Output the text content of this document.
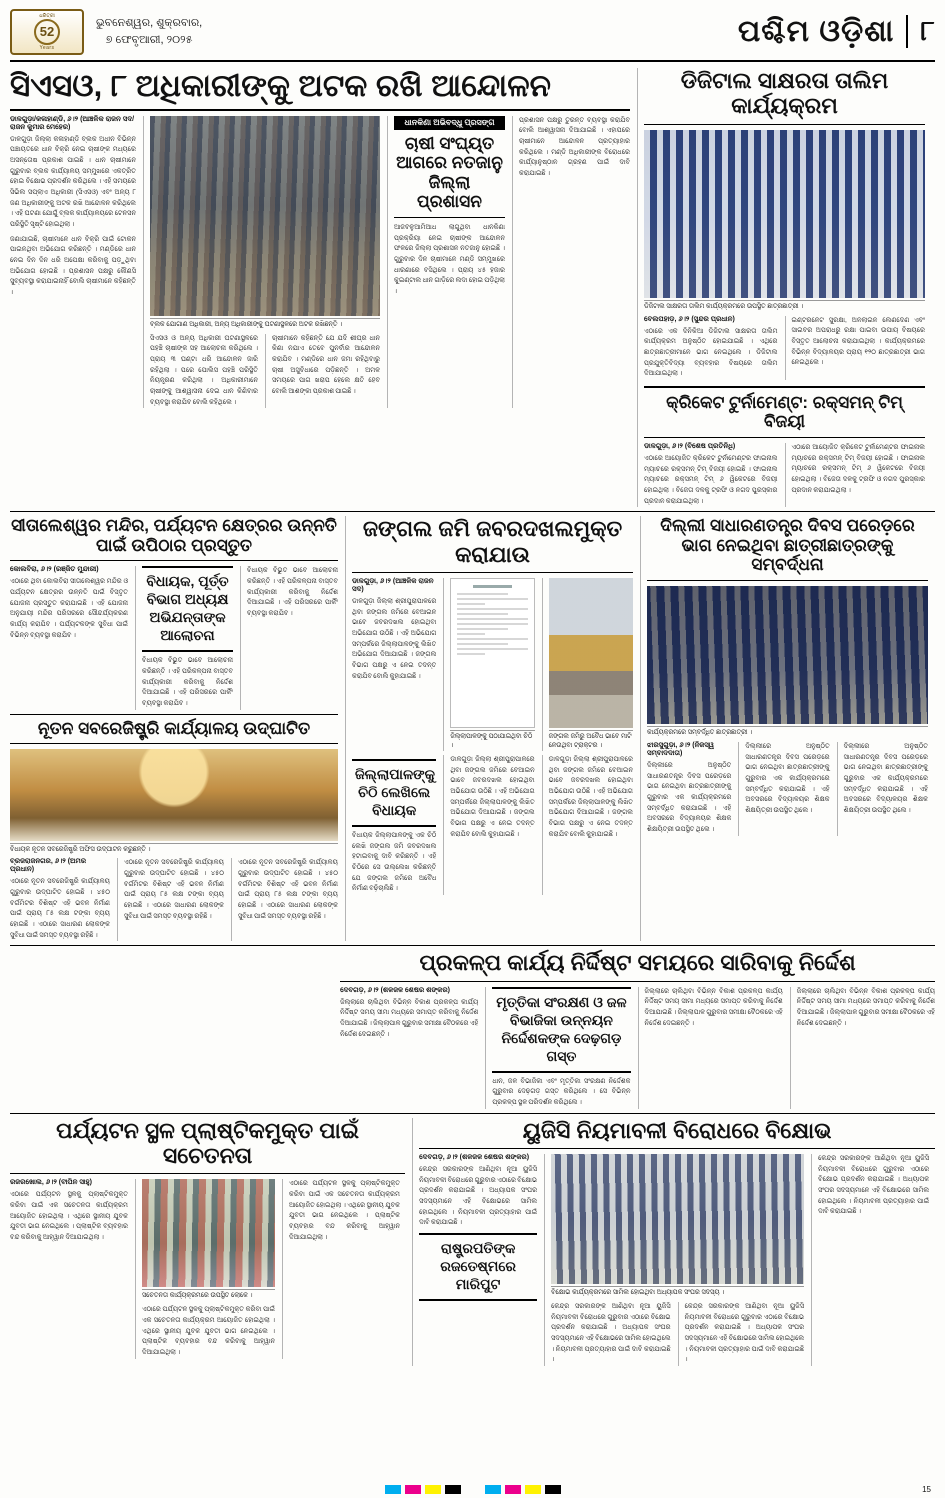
ଧରିତ୍ରୀ
52
Years
ଭୁବନେଶ୍ୱର, ଶୁକ୍ରବାର,
୭ ଫେବୃଆରୀ, ୨୦୨୫	ପଶ୍ଚିମ ଓଡ଼ିଶା ୮
ସିଏସଓ, ୮ ଅଧିକାରୀଙ୍କୁ ଅଟକ ରଖି ଆନ୍ଦୋଳନ
ଡାଳଗୁଡ଼ା/କଳାହାଣ୍ଡି, ୬।୨ (ଆଞ୍ଚଳିକ ରାଜନ ସଦ/ରାଜନ କୁମାର ମେହେର)
ଡାଳଗୁଡ଼ା ଜିଲ୍ଲା କଳାହାଣ୍ଡି ବ୍ଲକ ଅଧୀନ ବିଭିନ୍ନ ପଞ୍ଚାୟତରେ ଧାନ ବିକ୍ରି ନେଇ ଚାଷୀଙ୍କ ମଧ୍ୟରେ ଅସନ୍ତୋଷ ପ୍ରକାଶ ପାଇଛି । ଧାନ ଚାଷୀମାନେ ଗୁରୁବାର ବ୍ଲକ କାର୍ଯ୍ୟାଳୟ ସମ୍ମୁଖରେ ଏକତ୍ରିତ ହୋଇ ବିକ୍ଷୋଭ ପ୍ରଦର୍ଶନ କରିଥିଲେ । ଏହି ସମୟରେ ସିଭିଲ ସପ୍ଲାଏ ଅଧିକାରୀ (ସିଏସଓ) ଏବଂ ଅନ୍ୟ ୮ ଜଣ ଅଧିକାରୀଙ୍କୁ ଅଟକ ରଖି ଆନ୍ଦୋଳନ କରିଥିଲେ । ଏହି ଘଟଣା ଯୋଗୁଁ ବ୍ଲକ କାର୍ଯ୍ୟାଳୟରେ ଟେନସନ ପରିସ୍ଥିତି ସୃଷ୍ଟି ହୋଇଥିଲା ।
ଜଣାଯାଇଛି, ଚାଷୀମାନେ ଧାନ ବିକ୍ରି ପାଇଁ ଟୋକନ ପାଇନଥିବା ଅଭିଯୋଗ କରିଛନ୍ତି । ମଣ୍ଡିରେ ଧାନ ନେଇ ଦିନ ଦିନ ଧରି ଅପେକ୍ଷା କରିବାକୁ ପଡ଼ୁଥିବା ଅଭିଯୋଗ ହୋଇଛି । ପ୍ରଶାସନ ପକ୍ଷରୁ କୌଣସି ସୁବ୍ୟବସ୍ଥା କରାଯାଇନାହିଁ ବୋଲି ଚାଷୀମାନେ କହିଛନ୍ତି ।
ବ୍ଲକ ଯୋଗାଣ ଅଧିକାରୀ, ଅନ୍ୟ ଅଧିକାରୀଙ୍କୁ ଘଟଣାସ୍ଥଳରେ ଅଟକ ରଖିଛନ୍ତି ।
ସିଏସଓ ଓ ଅନ୍ୟ ଅଧିକାରୀ ଘଟଣାସ୍ଥଳରେ ପହଞ୍ଚି ଚାଷୀଙ୍କ ସହ ଆଲୋଚନା କରିଥିଲେ । ପ୍ରାୟ ୩ ଘଣ୍ଟା ଧରି ଆନ୍ଦୋଳନ ଜାରି ରହିଥିଲା । ପରେ ପୋଲିସ ପହଞ୍ଚି ପରିସ୍ଥିତି ନିୟନ୍ତ୍ରଣ କରିଥିଲା । ଅଧିକାରୀମାନେ ଚାଷୀଙ୍କୁ ଆଶ୍ୱାସନା ଦେଇ ଧାନ କିଣିବାର ବ୍ୟବସ୍ଥା କରାଯିବ ବୋଲି କହିଥିଲେ ।
ଚାଷୀମାନେ କହିଛନ୍ତି ଯେ ଯଦି ଶୀଘ୍ର ଧାନ କିଣା ନଯାଏ ତେବେ ପୁନର୍ବାର ଆନ୍ଦୋଳନ କରାଯିବ । ମଣ୍ଡିରେ ଧାନ ଜମା ରହିଥିବାରୁ ଚାଷୀ ଅସୁବିଧାରେ ପଡ଼ିଛନ୍ତି । ଅମଳ ସମୟରେ ପାଗ ଖରାପ ହେଲେ କ୍ଷତି ହେବ ବୋଲି ଆଶଙ୍କା ପ୍ରକାଶ ପାଇଛି ।
ଧାନକିଣା ଅଭିବଦ୍ଧୁ ପ୍ରସଙ୍ଗ
ଚାଷୀ ସଂଘ୍ୟ୍ତ ଆଗରେ ନତଜାନୁ ଜିଲ୍ଲା ପ୍ରଶାସନ
ଆଜବଳୁଆମିଆଧ ଲାଗୁଥିବା ଧାନକିଣା ପ୍ରକ୍ରିୟା ନେଇ ଚାଷୀଙ୍କ ଆନ୍ଦୋଳନ ଫଳରେ ଜିଲ୍ଲା ପ୍ରଶାସନ ନତଜାନୁ ହୋଇଛି । ଗୁରୁବାର ଦିନ ଚାଷୀମାନେ ମଣ୍ଡି ସମ୍ମୁଖରେ ଧାରଣାରେ ବସିଥିଲେ । ପ୍ରାୟ ୪୫ ହଜାର କୁଇଣ୍ଟାଲ ଧାନ ଗାଡ଼ିରେ ଲଦା ହୋଇ ପଡ଼ିଥିଲା ।
ପ୍ରଶାସନ ପକ୍ଷରୁ ତୁରନ୍ତ ବ୍ୟବସ୍ଥା କରାଯିବ ବୋଲି ଆଶ୍ୱାସନା ଦିଆଯାଇଛି । ଏହାପରେ ଚାଷୀମାନେ ଆନ୍ଦୋଳନ ପ୍ରତ୍ୟାହାର କରିଥିଲେ । ମଣ୍ଡି ଅଧିକାରୀଙ୍କ ବିରୋଧରେ କାର୍ଯ୍ୟାନୁଷ୍ଠାନ ଗ୍ରହଣ ପାଇଁ ଦାବି କରାଯାଇଛି ।
ଡିଜିଟାଲ ସାକ୍ଷରତା ତାଲିମ କାର୍ଯ୍ୟକ୍ରମ
ଡିଜିଟାଲ ସାକ୍ଷରତା ତାଲିମ କାର୍ଯ୍ୟକ୍ରମରେ ଉପସ୍ଥିତ ଛାତ୍ରଛାତ୍ରୀ ।
ବେଲପହାଡ଼, ୬।୨ (ସୁନ୍ଦର ପ୍ରଧାନ)
ଏଠାରେ ଏକ ଦିନିକିଆ ଡିଜିଟାଲ ସାକ୍ଷରତା ତାଲିମ କାର୍ଯ୍ୟକ୍ରମ ଅନୁଷ୍ଠିତ ହୋଇଯାଇଛି । ଏଥିରେ ଛାତ୍ରଛାତ୍ରୀମାନେ ଭାଗ ନେଇଥିଲେ । ଡିଜିଟାଲ ପ୍ରଯୁକ୍ତିବିଦ୍ୟା ବ୍ୟବହାର ବିଷୟରେ ତାଲିମ ଦିଆଯାଇଥିଲା ।
ଇଣ୍ଟରନେଟ ସୁରକ୍ଷା, ଅନଲାଇନ ଲେଣଦେଣ ଏବଂ ସାଇବର ଅପରାଧରୁ ରକ୍ଷା ପାଇବା ଉପାୟ ବିଷୟରେ ବିସ୍ତୃତ ଆଲୋଚନା କରାଯାଇଥିଲା । କାର୍ଯ୍ୟକ୍ରମରେ ବିଭିନ୍ନ ବିଦ୍ୟାଳୟର ପ୍ରାୟ ୧୨୦ ଛାତ୍ରଛାତ୍ରୀ ଭାଗ ନେଇଥିଲେ ।
କ୍ରିକେଟ ଟୁର୍ନାମେଣ୍ଟ: ରକ୍ସମନ୍ ଟିମ୍ ବିଜୟୀ
ଡାଳଗୁଡ଼ା, ୬।୨ (ବିଶେଷ ପ୍ରତିନିଧି)
ଏଠାରେ ଆୟୋଜିତ କ୍ରିକେଟ ଟୁର୍ନାମେଣ୍ଟର ଫାଇନାଲ ମ୍ୟାଚରେ ରକ୍ସମନ୍ ଟିମ୍ ବିଜୟୀ ହୋଇଛି । ଫାଇନାଲ ମ୍ୟାଚରେ ରକ୍ସମନ୍ ଟିମ୍ ୬ ୱିକେଟରେ ବିଜୟୀ ହୋଇଥିଲା । ବିଜେତା ଦଳକୁ ଟ୍ରଫି ଓ ନଗଦ ପୁରସ୍କାର ପ୍ରଦାନ କରାଯାଇଥିଲା ।
ଏଠାରେ ଆୟୋଜିତ କ୍ରିକେଟ ଟୁର୍ନାମେଣ୍ଟର ଫାଇନାଲ ମ୍ୟାଚରେ ରକ୍ସମନ୍ ଟିମ୍ ବିଜୟୀ ହୋଇଛି । ଫାଇନାଲ ମ୍ୟାଚରେ ରକ୍ସମନ୍ ଟିମ୍ ୬ ୱିକେଟରେ ବିଜୟୀ ହୋଇଥିଲା । ବିଜେତା ଦଳକୁ ଟ୍ରଫି ଓ ନଗଦ ପୁରସ୍କାର ପ୍ରଦାନ କରାଯାଇଥିଲା ।
ସୀତାଲେଶ୍ୱର ମନ୍ଦିର, ପର୍ଯ୍ୟଟନ କ୍ଷେତ୍ରର ଉନ୍ନତି ପାଇଁ ଉପିଠାର ପ୍ରସ୍ତୁତ
କୋଲବିରା, ୬।୨ (ରଞ୍ଜିତ ମୁନ୍ଦାରୀ)
ଏଠାରେ ଥିବା କୋଲବିରା ସୀତାଲେଶ୍ୱର ମନ୍ଦିର ଓ ପର୍ଯ୍ୟଟନ କ୍ଷେତ୍ରର ଉନ୍ନତି ପାଇଁ ବିସ୍ତୃତ ଯୋଜନା ପ୍ରସ୍ତୁତ କରାଯାଇଛି । ଏହି ଯୋଜନା ଅନୁଯାୟୀ ମନ୍ଦିର ପରିସରରେ ସୌନ୍ଦର୍ଯ୍ୟକରଣ କାର୍ଯ୍ୟ କରାଯିବ । ପର୍ଯ୍ୟଟକଙ୍କ ସୁବିଧା ପାଇଁ ବିଭିନ୍ନ ବ୍ୟବସ୍ଥା କରାଯିବ ।
ବିଧାୟକ, ପୂର୍ତ୍ତ ବିଭାଗ ଅଧ୍ୟକ୍ଷ ଅଭିଯନ୍ତାଙ୍କ ଆଲୋଚନା
ବିଧାୟକ ବିଭୁତ ଭାବେ ଆଲୋଚନା କରିଛନ୍ତି । ଏହି ପରିକଳ୍ପନା ବାସ୍ତବ କାର୍ଯ୍ୟକାରୀ କରିବାକୁ ନିର୍ଦ୍ଦେଶ ଦିଆଯାଇଛି । ଏହି ପରିସରରେ ପାର୍କିଂ ବ୍ୟବସ୍ଥା କରାଯିବ ।
ବିଧାୟକ ବିଭୁତ ଭାବେ ଆଲୋଚନା କରିଛନ୍ତି । ଏହି ପରିକଳ୍ପନା ବାସ୍ତବ କାର୍ଯ୍ୟକାରୀ କରିବାକୁ ନିର୍ଦ୍ଦେଶ ଦିଆଯାଇଛି । ଏହି ପରିସରରେ ପାର୍କିଂ ବ୍ୟବସ୍ଥା କରାଯିବ ।
ନୂତନ ସବରେଜିଷ୍ଟ୍ରି କାର୍ଯ୍ୟାଳୟ ଉଦ୍‌ଘାଟିତ
ବିଧାୟକ ନୂତନ ସବରେଜିଷ୍ଟ୍ରି ଅଫିସ ଉଦ୍‌ଘାଟନ କରୁଛନ୍ତି ।
ବ୍ରଜରାଜନଗର, ୬।୨ (ଅମର ପ୍ରଧାନ)
ଏଠାରେ ନୂତନ ସବରେଜିଷ୍ଟ୍ରି କାର୍ଯ୍ୟାଳୟ ଗୁରୁବାର ଉଦ୍‌ଘାଟିତ ହୋଇଛି । ୪୫୦ ବର୍ଗମିଟର ବିଶିଷ୍ଟ ଏହି ଭବନ ନିର୍ମାଣ ପାଇଁ ପ୍ରାୟ ୮୫ ଲକ୍ଷ ଟଙ୍କା ବ୍ୟୟ ହୋଇଛି । ଏଠାରେ ସାଧାରଣ ଲୋକଙ୍କ ସୁବିଧା ପାଇଁ ସମସ୍ତ ବ୍ୟବସ୍ଥା ରହିଛି ।
ଏଠାରେ ନୂତନ ସବରେଜିଷ୍ଟ୍ରି କାର୍ଯ୍ୟାଳୟ ଗୁରୁବାର ଉଦ୍‌ଘାଟିତ ହୋଇଛି । ୪୫୦ ବର୍ଗମିଟର ବିଶିଷ୍ଟ ଏହି ଭବନ ନିର୍ମାଣ ପାଇଁ ପ୍ରାୟ ୮୫ ଲକ୍ଷ ଟଙ୍କା ବ୍ୟୟ ହୋଇଛି । ଏଠାରେ ସାଧାରଣ ଲୋକଙ୍କ ସୁବିଧା ପାଇଁ ସମସ୍ତ ବ୍ୟବସ୍ଥା ରହିଛି ।
ଏଠାରେ ନୂତନ ସବରେଜିଷ୍ଟ୍ରି କାର୍ଯ୍ୟାଳୟ ଗୁରୁବାର ଉଦ୍‌ଘାଟିତ ହୋଇଛି । ୪୫୦ ବର୍ଗମିଟର ବିଶିଷ୍ଟ ଏହି ଭବନ ନିର୍ମାଣ ପାଇଁ ପ୍ରାୟ ୮୫ ଲକ୍ଷ ଟଙ୍କା ବ୍ୟୟ ହୋଇଛି । ଏଠାରେ ସାଧାରଣ ଲୋକଙ୍କ ସୁବିଧା ପାଇଁ ସମସ୍ତ ବ୍ୟବସ୍ଥା ରହିଛି ।
ଜଙ୍ଗଲ ଜମି ଜବରଦଖଲମୁକ୍ତ କରାଯାଉ
ଡାଳଗୁଡ଼ା, ୬।୨ (ଆଞ୍ଚଳିକ ରାଜନ ସଦ)
ଡାଳଗୁଡ଼ା ଜିଲ୍ଲା ଶ୍ରୀପୁରାପାଳରେ ଥିବା ଜଙ୍ଗଲ ଜମିରେ ବେଆଇନ ଭାବେ ଜବରଦଖଲ ହୋଇଥିବା ଅଭିଯୋଗ ଉଠିଛି । ଏହି ଅଭିଯୋଗ ସମ୍ପର୍କରେ ଜିଲ୍ଲାପାଳଙ୍କୁ ଲିଖିତ ଅଭିଯୋଗ ଦିଆଯାଇଛି । ଜଙ୍ଗଲ ବିଭାଗ ପକ୍ଷରୁ ଏ ନେଇ ତଦନ୍ତ କରାଯିବ ବୋଲି କୁହାଯାଇଛି ।
ଜିଲ୍ଲାପାଳଙ୍କୁ ପଠାଯାଇଥିବା ଚିଠି ।
ଜଙ୍ଗଲ ଜମିରୁ ଅବୈଧ ଭାବେ ମାଟି ନେଉଥିବା ଟ୍ରାକ୍ଟର ।
ଜିଲ୍ଲାପାଳଙ୍କୁ ଚିଠି ଲେଖିଲେ ବିଧାୟକ
ବିଧାୟକ ଜିଲ୍ଲାପାଳଙ୍କୁ ଏକ ଚିଠି ଲେଖି ଜଙ୍ଗଲ ଜମି ଜବରଦଖଲ ହଟାଇବାକୁ ଦାବି କରିଛନ୍ତି । ଏହି ଚିଠିରେ ସେ ଉଲ୍ଲେଖ କରିଛନ୍ତି ଯେ ଜଙ୍ଗଲ ଜମିରେ ଅବୈଧ ନିର୍ମାଣ ବଢ଼ିଚାଲିଛି ।
ଡାଳଗୁଡ଼ା ଜିଲ୍ଲା ଶ୍ରୀପୁରାପାଳରେ ଥିବା ଜଙ୍ଗଲ ଜମିରେ ବେଆଇନ ଭାବେ ଜବରଦଖଲ ହୋଇଥିବା ଅଭିଯୋଗ ଉଠିଛି । ଏହି ଅଭିଯୋଗ ସମ୍ପର୍କରେ ଜିଲ୍ଲାପାଳଙ୍କୁ ଲିଖିତ ଅଭିଯୋଗ ଦିଆଯାଇଛି । ଜଙ୍ଗଲ ବିଭାଗ ପକ୍ଷରୁ ଏ ନେଇ ତଦନ୍ତ କରାଯିବ ବୋଲି କୁହାଯାଇଛି ।
ଡାଳଗୁଡ଼ା ଜିଲ୍ଲା ଶ୍ରୀପୁରାପାଳରେ ଥିବା ଜଙ୍ଗଲ ଜମିରେ ବେଆଇନ ଭାବେ ଜବରଦଖଲ ହୋଇଥିବା ଅଭିଯୋଗ ଉଠିଛି । ଏହି ଅଭିଯୋଗ ସମ୍ପର୍କରେ ଜିଲ୍ଲାପାଳଙ୍କୁ ଲିଖିତ ଅଭିଯୋଗ ଦିଆଯାଇଛି । ଜଙ୍ଗଲ ବିଭାଗ ପକ୍ଷରୁ ଏ ନେଇ ତଦନ୍ତ କରାଯିବ ବୋଲି କୁହାଯାଇଛି ।
ଦିଲ୍ଲୀ ସାଧାରଣତନ୍ତ୍ର ଦିବସ ପରେଡ଼ରେ ଭାଗ ନେଇଥିବା ଛାତ୍ରୀଛାତ୍ରଙ୍କୁ ସମ୍ବର୍ଦ୍ଧନା
କାର୍ଯ୍ୟକ୍ରମରେ ସମ୍ବର୍ଦ୍ଧିତ ଛାତ୍ରଛାତ୍ରୀ ।
ଝାରସୁଗୁଡ଼ା, ୬।୨ (ନିଜସ୍ୱ ସମ୍ବାଦଦାତା)
ଦିଲ୍ଲୀରେ ଅନୁଷ୍ଠିତ ସାଧାରଣତନ୍ତ୍ର ଦିବସ ପରେଡ଼ରେ ଭାଗ ନେଇଥିବା ଛାତ୍ରଛାତ୍ରୀଙ୍କୁ ଗୁରୁବାର ଏକ କାର୍ଯ୍ୟକ୍ରମରେ ସମ୍ବର୍ଦ୍ଧିତ କରାଯାଇଛି । ଏହି ଅବସରରେ ବିଦ୍ୟାଳୟର ଶିକ୍ଷକ ଶିକ୍ଷୟିତ୍ରୀ ଉପସ୍ଥିତ ଥିଲେ ।
ଦିଲ୍ଲୀରେ ଅନୁଷ୍ଠିତ ସାଧାରଣତନ୍ତ୍ର ଦିବସ ପରେଡ଼ରେ ଭାଗ ନେଇଥିବା ଛାତ୍ରଛାତ୍ରୀଙ୍କୁ ଗୁରୁବାର ଏକ କାର୍ଯ୍ୟକ୍ରମରେ ସମ୍ବର୍ଦ୍ଧିତ କରାଯାଇଛି । ଏହି ଅବସରରେ ବିଦ୍ୟାଳୟର ଶିକ୍ଷକ ଶିକ୍ଷୟିତ୍ରୀ ଉପସ୍ଥିତ ଥିଲେ ।
ଦିଲ୍ଲୀରେ ଅନୁଷ୍ଠିତ ସାଧାରଣତନ୍ତ୍ର ଦିବସ ପରେଡ଼ରେ ଭାଗ ନେଇଥିବା ଛାତ୍ରଛାତ୍ରୀଙ୍କୁ ଗୁରୁବାର ଏକ କାର୍ଯ୍ୟକ୍ରମରେ ସମ୍ବର୍ଦ୍ଧିତ କରାଯାଇଛି । ଏହି ଅବସରରେ ବିଦ୍ୟାଳୟର ଶିକ୍ଷକ ଶିକ୍ଷୟିତ୍ରୀ ଉପସ୍ଥିତ ଥିଲେ ।
ପ୍ରକଳ୍ପ କାର୍ଯ୍ୟ ନିର୍ଦ୍ଦିଷ୍ଟ ସମୟରେ ସାରିବାକୁ ନିର୍ଦ୍ଦେଶ
ଦେବଗଡ଼, ୬।୨ (ଶଳଜଳ ଶେଷର ଶଙ୍କର)
ଜିଲ୍ଲାରେ ଚାଲିଥିବା ବିଭିନ୍ନ ବିକାଶ ପ୍ରକଳ୍ପ କାର୍ଯ୍ୟ ନିର୍ଦ୍ଦିଷ୍ଟ ସମୟ ସୀମା ମଧ୍ୟରେ ସମାପ୍ତ କରିବାକୁ ନିର୍ଦ୍ଦେଶ ଦିଆଯାଇଛି । ଜିଲ୍ଲାପାଳ ଗୁରୁବାର ସମୀକ୍ଷା ବୈଠକରେ ଏହି ନିର୍ଦ୍ଦେଶ ଦେଇଛନ୍ତି ।
ମୃତ୍ତିକା ସଂରକ୍ଷଣ ଓ ଜଳ ବିଭାଜିକା ଉନ୍ନୟନ ନିର୍ଦ୍ଦେଶକଙ୍କ ଦେଢ଼ଗଡ଼ ଗସ୍ତ
ଧାନ, ଜଳ ବିଭାଜିକା ଏବଂ ମୃତ୍ତିକା ସଂରକ୍ଷଣ ନିର୍ଦ୍ଦେଶକ ଗୁରୁବାର ଦେଢ଼ଗଡ଼ ଗସ୍ତ କରିଥିଲେ । ସେ ବିଭିନ୍ନ ପ୍ରକଳ୍ପ ସ୍ଥଳ ପରିଦର୍ଶନ କରିଥିଲେ ।
ଜିଲ୍ଲାରେ ଚାଲିଥିବା ବିଭିନ୍ନ ବିକାଶ ପ୍ରକଳ୍ପ କାର୍ଯ୍ୟ ନିର୍ଦ୍ଦିଷ୍ଟ ସମୟ ସୀମା ମଧ୍ୟରେ ସମାପ୍ତ କରିବାକୁ ନିର୍ଦ୍ଦେଶ ଦିଆଯାଇଛି । ଜିଲ୍ଲାପାଳ ଗୁରୁବାର ସମୀକ୍ଷା ବୈଠକରେ ଏହି ନିର୍ଦ୍ଦେଶ ଦେଇଛନ୍ତି ।
ଜିଲ୍ଲାରେ ଚାଲିଥିବା ବିଭିନ୍ନ ବିକାଶ ପ୍ରକଳ୍ପ କାର୍ଯ୍ୟ ନିର୍ଦ୍ଦିଷ୍ଟ ସମୟ ସୀମା ମଧ୍ୟରେ ସମାପ୍ତ କରିବାକୁ ନିର୍ଦ୍ଦେଶ ଦିଆଯାଇଛି । ଜିଲ୍ଲାପାଳ ଗୁରୁବାର ସମୀକ୍ଷା ବୈଠକରେ ଏହି ନିର୍ଦ୍ଦେଶ ଦେଇଛନ୍ତି ।
ପର୍ଯ୍ୟଟନ ସ୍ଥଳ ପ୍ଲାଷ୍ଟିକମୁକ୍ତ ପାଇଁ ସଚେତନତା
ରଜରଖୋଲ, ୬।୨ (ବୀପିନ ସାହୁ)
ଏଠାରେ ପର୍ଯ୍ୟଟନ ସ୍ଥଳକୁ ପ୍ଲାଷ୍ଟିକମୁକ୍ତ କରିବା ପାଇଁ ଏକ ସଚେତନତା କାର୍ଯ୍ୟକ୍ରମ ଆୟୋଜିତ ହୋଇଥିଲା । ଏଥିରେ ସ୍ଥାନୀୟ ଯୁବକ ଯୁବତୀ ଭାଗ ନେଇଥିଲେ । ପ୍ଲାଷ୍ଟିକ ବ୍ୟବହାର ବନ୍ଦ କରିବାକୁ ଆହ୍ୱାନ ଦିଆଯାଇଥିଲା ।
ସଚେତନତା କାର୍ଯ୍ୟକ୍ରମରେ ଉପସ୍ଥିତ ଲୋକେ ।
ଏଠାରେ ପର୍ଯ୍ୟଟନ ସ୍ଥଳକୁ ପ୍ଲାଷ୍ଟିକମୁକ୍ତ କରିବା ପାଇଁ ଏକ ସଚେତନତା କାର୍ଯ୍ୟକ୍ରମ ଆୟୋଜିତ ହୋଇଥିଲା । ଏଥିରେ ସ୍ଥାନୀୟ ଯୁବକ ଯୁବତୀ ଭାଗ ନେଇଥିଲେ । ପ୍ଲାଷ୍ଟିକ ବ୍ୟବହାର ବନ୍ଦ କରିବାକୁ ଆହ୍ୱାନ ଦିଆଯାଇଥିଲା ।
ଏଠାରେ ପର୍ଯ୍ୟଟନ ସ୍ଥଳକୁ ପ୍ଲାଷ୍ଟିକମୁକ୍ତ କରିବା ପାଇଁ ଏକ ସଚେତନତା କାର୍ଯ୍ୟକ୍ରମ ଆୟୋଜିତ ହୋଇଥିଲା । ଏଥିରେ ସ୍ଥାନୀୟ ଯୁବକ ଯୁବତୀ ଭାଗ ନେଇଥିଲେ । ପ୍ଲାଷ୍ଟିକ ବ୍ୟବହାର ବନ୍ଦ କରିବାକୁ ଆହ୍ୱାନ ଦିଆଯାଇଥିଲା ।
ୟୁଜିସି ନିୟମାବଳୀ ବିରୋଧରେ ବିକ୍ଷୋଭ
ଦେବଗଡ଼, ୬।୨ (ଶଳଜଳ ଶେଷର ଶଙ୍କର)
କେନ୍ଦ୍ର ସରକାରଙ୍କ ଆଣିଥିବା ନୂଆ ୟୁଜିସି ନିୟମାବଳୀ ବିରୋଧରେ ଗୁରୁବାର ଏଠାରେ ବିକ୍ଷୋଭ ପ୍ରଦର୍ଶନ କରାଯାଇଛି । ଅଧ୍ୟାପକ ସଂଘର ସଦସ୍ୟମାନେ ଏହି ବିକ୍ଷୋଭରେ ସାମିଲ ହୋଇଥିଲେ । ନିୟମାବଳୀ ପ୍ରତ୍ୟାହାର ପାଇଁ ଦାବି କରାଯାଇଛି ।
ରାଷ୍ଟ୍ରପତିଙ୍କ ରଜତେଷ୍ମରେ ମାରିପୁଟ
ବିକ୍ଷୋଭ କାର୍ଯ୍ୟକ୍ରମରେ ସାମିଲ ହୋଇଥିବା ଅଧ୍ୟାପକ ସଂଘର ସଦସ୍ୟ ।
କେନ୍ଦ୍ର ସରକାରଙ୍କ ଆଣିଥିବା ନୂଆ ୟୁଜିସି ନିୟମାବଳୀ ବିରୋଧରେ ଗୁରୁବାର ଏଠାରେ ବିକ୍ଷୋଭ ପ୍ରଦର୍ଶନ କରାଯାଇଛି । ଅଧ୍ୟାପକ ସଂଘର ସଦସ୍ୟମାନେ ଏହି ବିକ୍ଷୋଭରେ ସାମିଲ ହୋଇଥିଲେ । ନିୟମାବଳୀ ପ୍ରତ୍ୟାହାର ପାଇଁ ଦାବି କରାଯାଇଛି ।
କେନ୍ଦ୍ର ସରକାରଙ୍କ ଆଣିଥିବା ନୂଆ ୟୁଜିସି ନିୟମାବଳୀ ବିରୋଧରେ ଗୁରୁବାର ଏଠାରେ ବିକ୍ଷୋଭ ପ୍ରଦର୍ଶନ କରାଯାଇଛି । ଅଧ୍ୟାପକ ସଂଘର ସଦସ୍ୟମାନେ ଏହି ବିକ୍ଷୋଭରେ ସାମିଲ ହୋଇଥିଲେ । ନିୟମାବଳୀ ପ୍ରତ୍ୟାହାର ପାଇଁ ଦାବି କରାଯାଇଛି ।
କେନ୍ଦ୍ର ସରକାରଙ୍କ ଆଣିଥିବା ନୂଆ ୟୁଜିସି ନିୟମାବଳୀ ବିରୋଧରେ ଗୁରୁବାର ଏଠାରେ ବିକ୍ଷୋଭ ପ୍ରଦର୍ଶନ କରାଯାଇଛି । ଅଧ୍ୟାପକ ସଂଘର ସଦସ୍ୟମାନେ ଏହି ବିକ୍ଷୋଭରେ ସାମିଲ ହୋଇଥିଲେ । ନିୟମାବଳୀ ପ୍ରତ୍ୟାହାର ପାଇଁ ଦାବି କରାଯାଇଛି ।
15
